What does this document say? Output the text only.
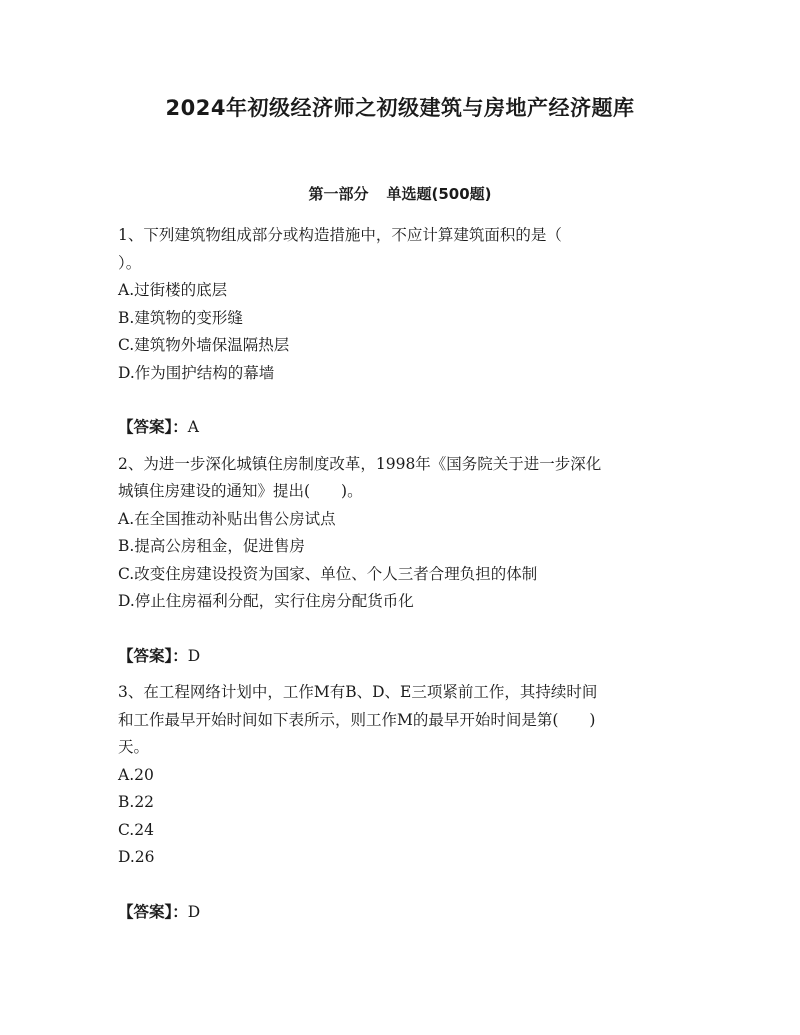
2024年初级经济师之初级建筑与房地产经济题库
第一部分 单选题(500题)

1、下列建筑物组成部分或构造措施中，不应计算建筑面积的是（

）。

A.过街楼的底层

B.建筑物的变形缝

C.建筑物外墙保温隔热层

D.作为围护结构的幕墙

【答案】：A

2、为进一步深化城镇住房制度改革，1998年《国务院关于进一步深化

城镇住房建设的通知》提出(　　)。

A.在全国推动补贴出售公房试点

B.提高公房租金，促进售房

C.改变住房建设投资为国家、单位、个人三者合理负担的体制

D.停止住房福利分配，实行住房分配货币化

【答案】：D

3、在工程网络计划中，工作M有B、D、E三项紧前工作，其持续时间

和工作最早开始时间如下表所示，则工作M的最早开始时间是第(　　)

天。

A.20

B.22

C.24

D.26

【答案】：D
